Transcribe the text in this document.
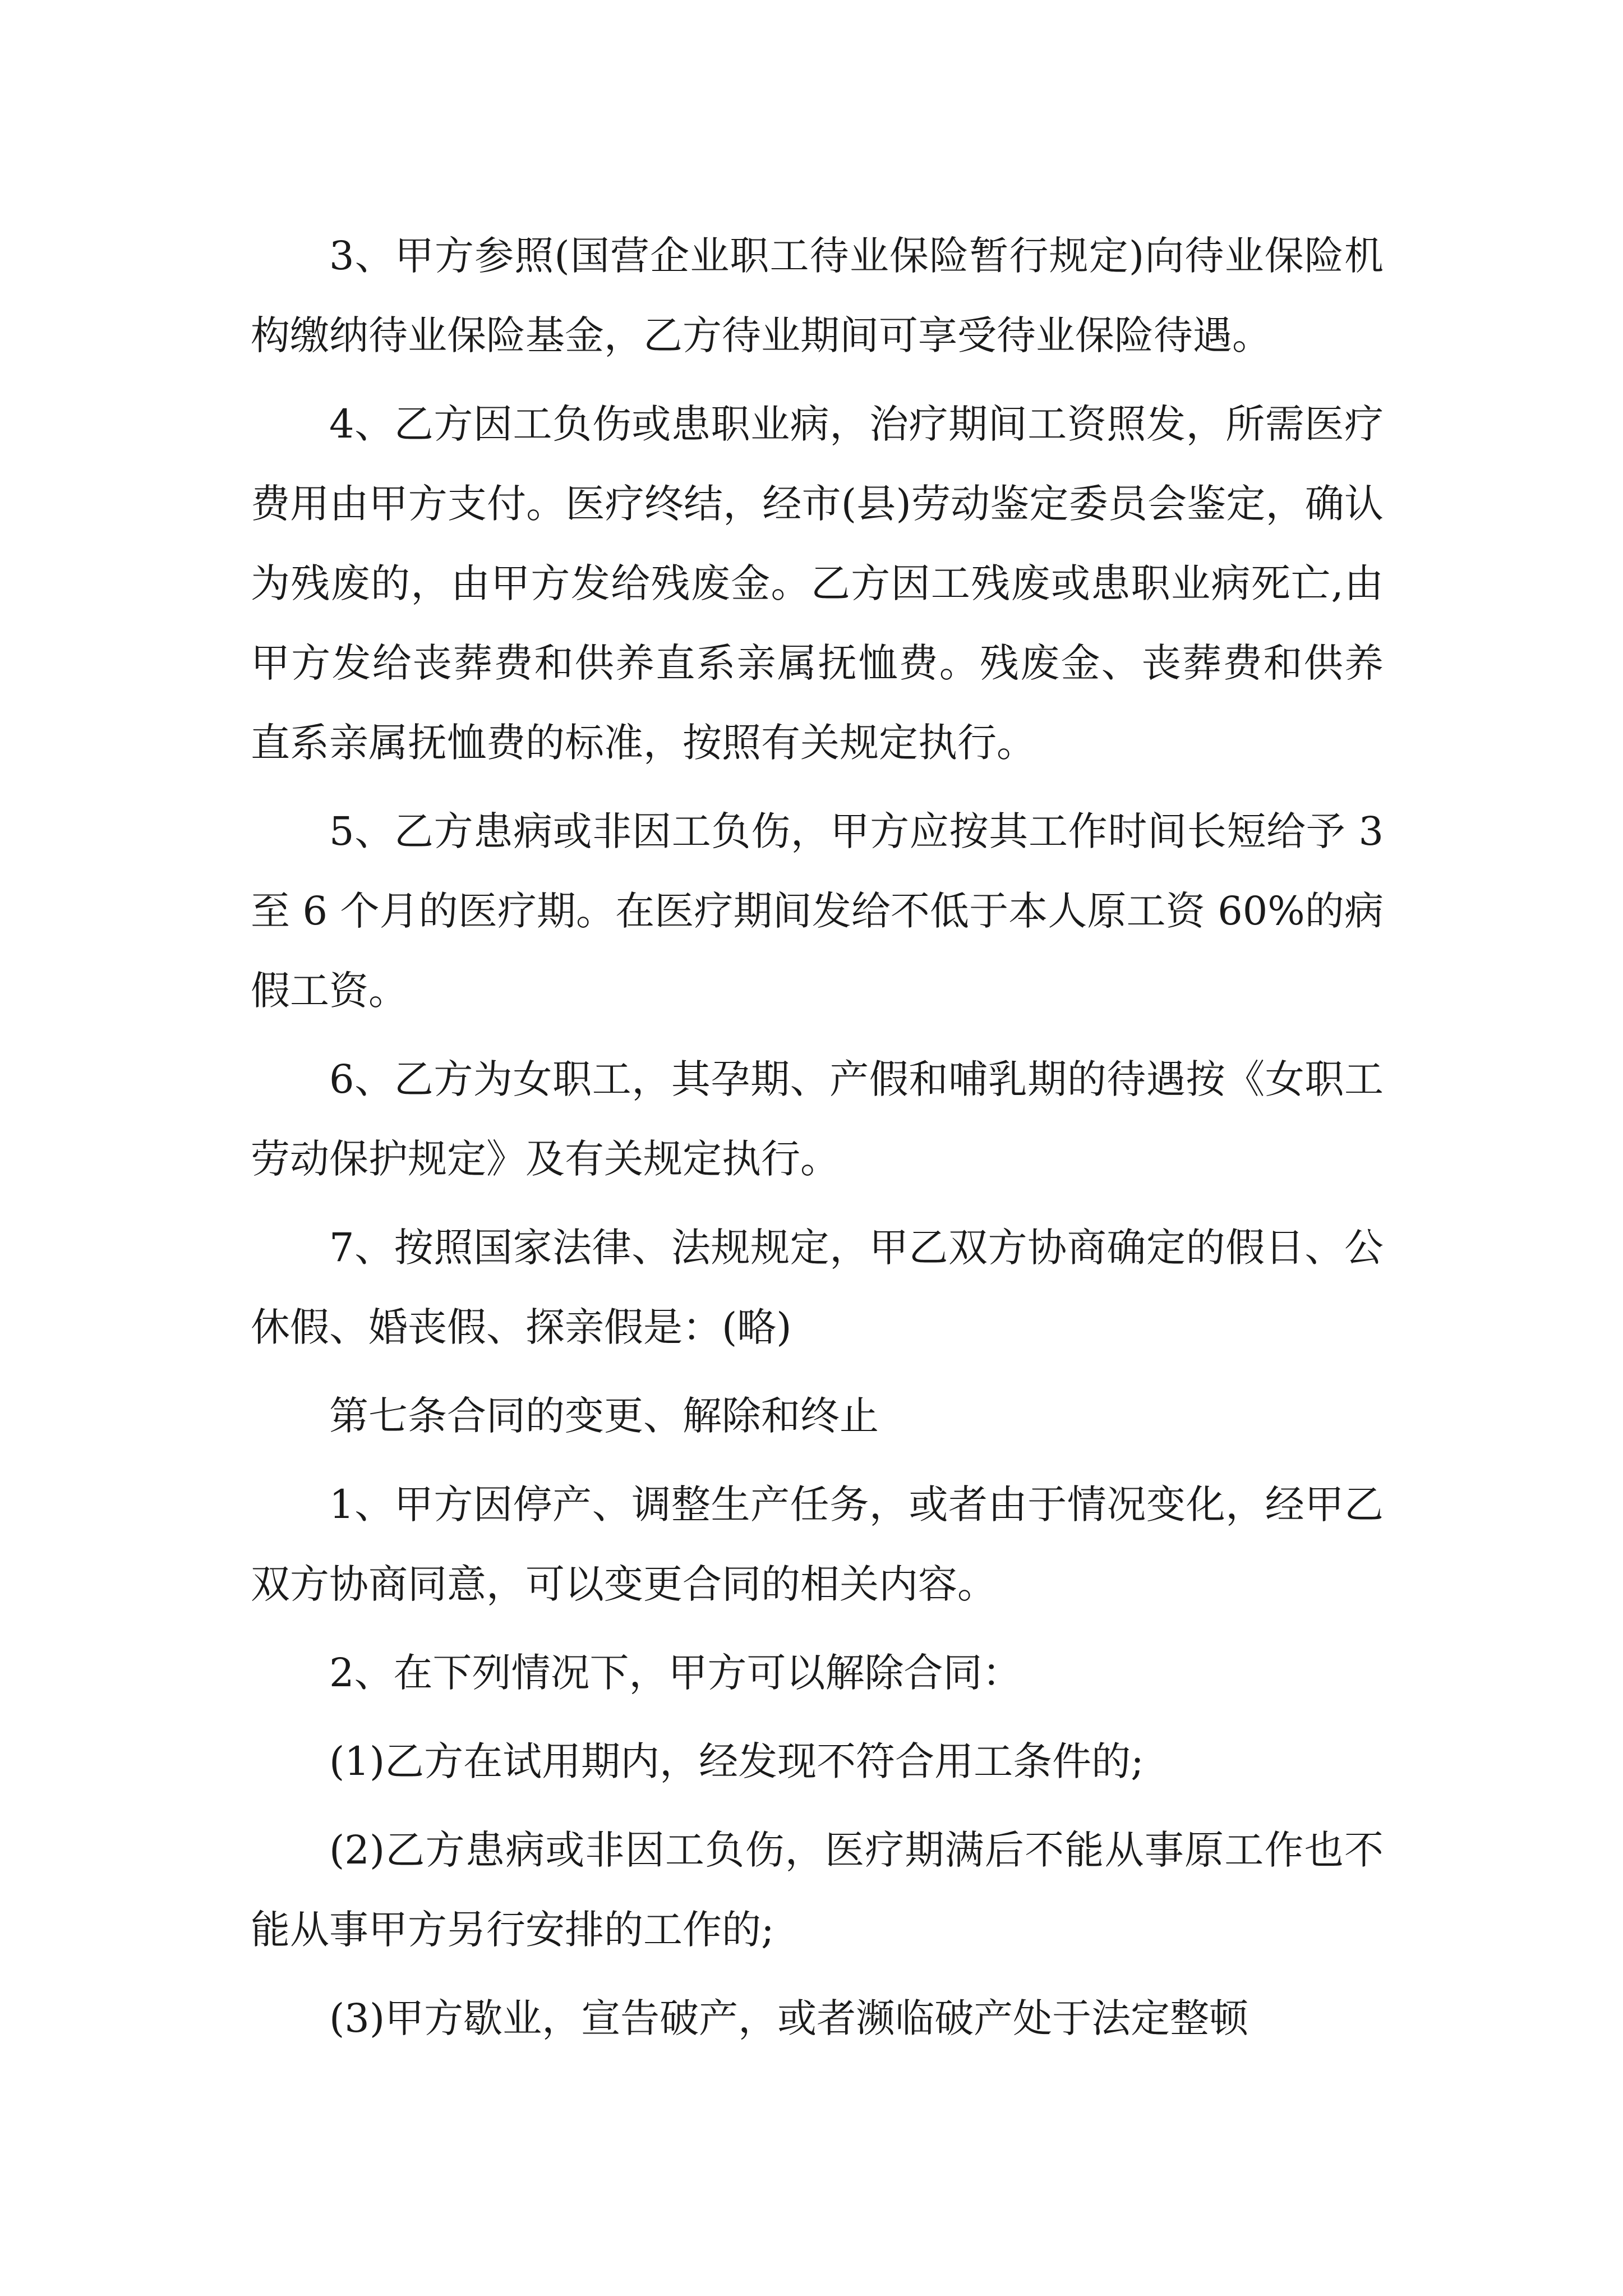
3、甲方参照(国营企业职工待业保险暂行规定)向待业保险机构缴纳待业保险基金，乙方待业期间可享受待业保险待遇。

4、乙方因工负伤或患职业病，治疗期间工资照发，所需医疗费用由甲方支付。医疗终结，经市(县)劳动鉴定委员会鉴定，确认为残废的，由甲方发给残废金。乙方因工残废或患职业病死亡,由甲方发给丧葬费和供养直系亲属抚恤费。残废金、丧葬费和供养直系亲属抚恤费的标准，按照有关规定执行。

5、乙方患病或非因工负伤，甲方应按其工作时间长短给予 3 至 6 个月的医疗期。在医疗期间发给不低于本人原工资 60%的病假工资。

6、乙方为女职工，其孕期、产假和哺乳期的待遇按《女职工劳动保护规定》及有关规定执行。

7、按照国家法律、法规规定，甲乙双方协商确定的假日、公休假、婚丧假、探亲假是：(略)

第七条合同的变更、解除和终止

1、甲方因停产、调整生产任务，或者由于情况变化，经甲乙双方协商同意，可以变更合同的相关内容。

2、在下列情况下，甲方可以解除合同：

(1)乙方在试用期内，经发现不符合用工条件的;

(2)乙方患病或非因工负伤，医疗期满后不能从事原工作也不能从事甲方另行安排的工作的;

(3)甲方歇业，宣告破产，或者濒临破产处于法定整顿
